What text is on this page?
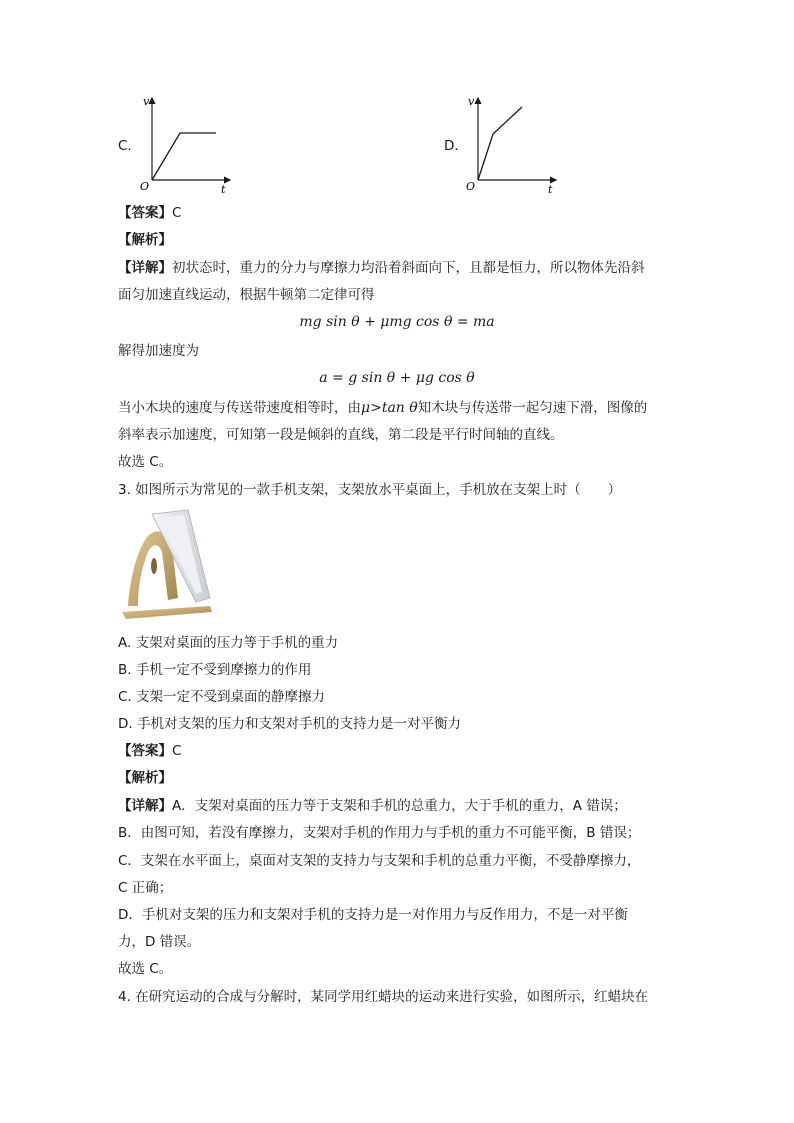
C.
v
t
O
D.
v
t
O
【答案】C
【解析】
【详解】初状态时，重力的分力与摩擦力均沿着斜面向下，且都是恒力，所以物体先沿斜
面匀加速直线运动，根据牛顿第二定律可得
mg sin θ + μmg cos θ = ma
解得加速度为
a = g sin θ + μg cos θ
当小木块的速度与传送带速度相等时，由μ>tan θ知木块与传送带一起匀速下滑，图像的
斜率表示加速度，可知第一段是倾斜的直线，第二段是平行时间轴的直线。
故选 C。
3. 如图所示为常见的一款手机支架，支架放水平桌面上，手机放在支架上时（　　）
A. 支架对桌面的压力等于手机的重力
B. 手机一定不受到摩擦力的作用
C. 支架一定不受到桌面的静摩擦力
D. 手机对支架的压力和支架对手机的支持力是一对平衡力
【答案】C
【解析】
【详解】A．支架对桌面的压力等于支架和手机的总重力，大于手机的重力，A 错误；
B．由图可知，若没有摩擦力，支架对手机的作用力与手机的重力不可能平衡，B 错误；
C．支架在水平面上，桌面对支架的支持力与支架和手机的总重力平衡，不受静摩擦力，
C 正确；
D．手机对支架的压力和支架对手机的支持力是一对作用力与反作用力，不是一对平衡
力，D 错误。
故选 C。
4. 在研究运动的合成与分解时，某同学用红蜡块的运动来进行实验，如图所示，红蜡块在
